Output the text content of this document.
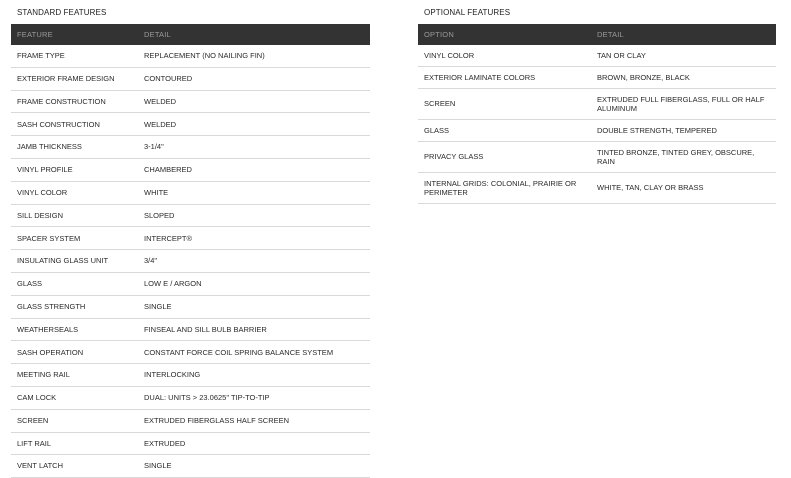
STANDARD FEATURES
FEATURE	DETAIL
FRAME TYPE	REPLACEMENT (NO NAILING FIN)
EXTERIOR FRAME DESIGN	CONTOURED
FRAME CONSTRUCTION	WELDED
SASH CONSTRUCTION	WELDED
JAMB THICKNESS	3-1/4"
VINYL PROFILE	CHAMBERED
VINYL COLOR	WHITE
SILL DESIGN	SLOPED
SPACER SYSTEM	INTERCEPT®
INSULATING GLASS UNIT	3/4"
GLASS	LOW E / ARGON
GLASS STRENGTH	SINGLE
WEATHERSEALS	FINSEAL AND SILL BULB BARRIER
SASH OPERATION	CONSTANT FORCE COIL SPRING BALANCE SYSTEM
MEETING RAIL	INTERLOCKING
CAM LOCK	DUAL: UNITS > 23.0625" TIP-TO-TIP
SCREEN	EXTRUDED FIBERGLASS HALF SCREEN
LIFT RAIL	EXTRUDED
VENT LATCH	SINGLE
OPTIONAL FEATURES
OPTION	DETAIL
VINYL COLOR	TAN OR CLAY
EXTERIOR LAMINATE COLORS	BROWN, BRONZE, BLACK
SCREEN	EXTRUDED FULL FIBERGLASS, FULL OR HALF ALUMINUM
GLASS	DOUBLE STRENGTH, TEMPERED
PRIVACY GLASS	TINTED BRONZE, TINTED GREY, OBSCURE, RAIN
INTERNAL GRIDS: COLONIAL, PRAIRIE OR PERIMETER	WHITE, TAN, CLAY OR BRASS
